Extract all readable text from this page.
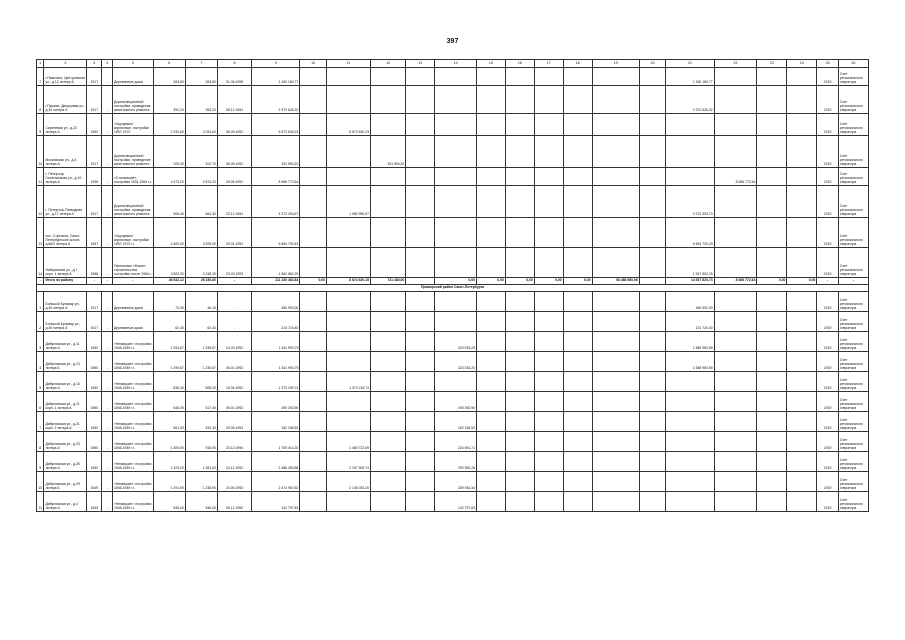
397
1	2	3	4	5	6	7	8	9	10	11	12	13	14	15	16	17	18	19	20	21	22	23	24	25	26
7	г.Павловск, Центральная ул., д.12 литера А	1917	-	Деревянные дома	263,80	263,80	01.06.1998	1 150 180,77												1 150 180,77				2019	Счет регионального оператора
8	г.Пушкин, Дворцовая ул., д.34 литера А	1917	-	Дореволюционной постройки, проведение капитального ремонта	390,20	353,20	08.12.1994	2 370 626,32												2 370 626,32				2019	Счет регионального оператора
9	Сиреневая ул., д.22 литера А	1960	-	«Хрущевки» кирпичные, постройки 1957-1970	2 232,60	2 024,60	06.09.1992	6 673 630,23		6 673 630,23														2019	Счет регионального оператора
10	Московская ул., д.3 литера А	1917	-	Дореволюционной постройки, проведение капитального ремонта	105,30	102,70	06.05.1992	511 594,20			511 594,20													2019	Счет регионального оператора
11	г. Петергоф, Госпитальная ул., д.10 литера А	1936	-	«Сталинские», постройки 1931-1954 г.г.	3 473,20	2 874,20	25.06.1992	8 656 772,64													8 656 772,64			2019	Счет регионального оператора
12	г. Петергоф, Разводная ул., д.17 литера А	1917	-	Дореволюционной постройки, проведение капитального ремонта	906,45	664,30	22.12.1994	4 272 294,67		1 980 990,97										2 272 303,73				2019	Счет регионального оператора
13	пос. Стрельна, Санкт-Петербургское шоссе, д.66/2 литера А	1957	-	«Хрущевки» кирпичные, постройки 1957-1970 г.г.	4 400,00	3 925,00	25.01.1994	6 694 700,43												6 694 700,43				2019	Счет регионального оператора
14	Набережная ул., д.7 корп. 1 литера А	1958	-	Панельные «блоки» строительства постройки после 1954 г.	2 600,00	2 248,30	23.03.1993	1 962 562,29												1 947 562,29				2019	Счет регионального оператора
-	Итого по району	-	-	-	46 532,12	26 230,60	-	111 230 452,84	0,00	8 674 620,15	731 480,00		0,00	0,00	0,00	0,00	0,00	98 486 980,96		14 537 820,73	8 656 772,64	0,00	0,00	-	-
Приморский район Санкт-Петербурга																									
1	Большой Бульвар ул., д.30 литера А	1917	-	Деревянные дома	73,30	46,10	-	480 992,00												480 992,00				2019	Счет регионального оператора
2	Большой Бульвар ул., д.40 литера А	1917	-	Деревянные дома	62,40	62,40	-	214 724,40												214 724,40				2019	Счет регионального оператора
3	Дибуновская ул., д.11 литера А	1950	-	«Немецкие», постройки 1945-1949 г.г.	1 294,67	1 235,67	24.03.1992	1 611 993,79					323 033,20							1 589 960,59				2019	Счет регионального оператора
4	Дибуновская ул., д.13 литера Б	1950	-	«Немецкие», постройки 1945-1949 г.г.	1 295,67	1 235,67	06.01.1992	1 611 993,79					323 033,20							1 588 960,59				2019	Счет регионального оператора
5	Дибуновская ул., д.15 литера А	1950	-	«Немецкие», постройки 1945-1949 г.г.	636,30	608,20	15.04.1992	1 373 199,74		1 373 215,74														2019	Счет регионального оператора
6	Дибуновская ул., д.21 корп. 1 литера А	1950	-	«Немецкие», постройки 1945-1949 г.г.	646,40	617,40	05.01.1992	190 392,90					190 392,90											2019	Счет регионального оператора
7	Дибуновская ул., д.21 корп. 2 литера А	1950	-	«Немецкие», постройки 1945-1949 г.г.	661,30	632,30	29.06.1993	162 156,92					162 156,92											2019	Счет регионального оператора
8	Дибуновская ул., д.23 литера А	1950	-	«Немецкие», постройки 1945-1949 г.г.	1 300,00	916,00	23.12.1994	1 705 414,20		1 480 722,69			224 691,71											2019	Счет регионального оператора
9	Дибуновская ул., д.25 литера А	1950	-	«Немецкие», постройки 1945-1949 г.г.	1 323,00	1 263,00	24.12.1992	2 488 452,88		2 197 500,74			290 952,26											2019	Счет регионального оператора
10	Дибуновская ул., д.29 литера Б	1949	-	«Немецкие», постройки 1945-1949 г.г.	1 291,90	1 238,90	24.06.1993	2 474 967,62		2 145 033,20			329 934,34											2019	Счет регионального оператора
11	Дибуновская ул., д.4 литера А	1949	-	«Немецкие», постройки 1945-1949 г.г.	546,00	546,00	05.12.1950	142 797,83					142 797,83											2019	Счет регионального оператора
